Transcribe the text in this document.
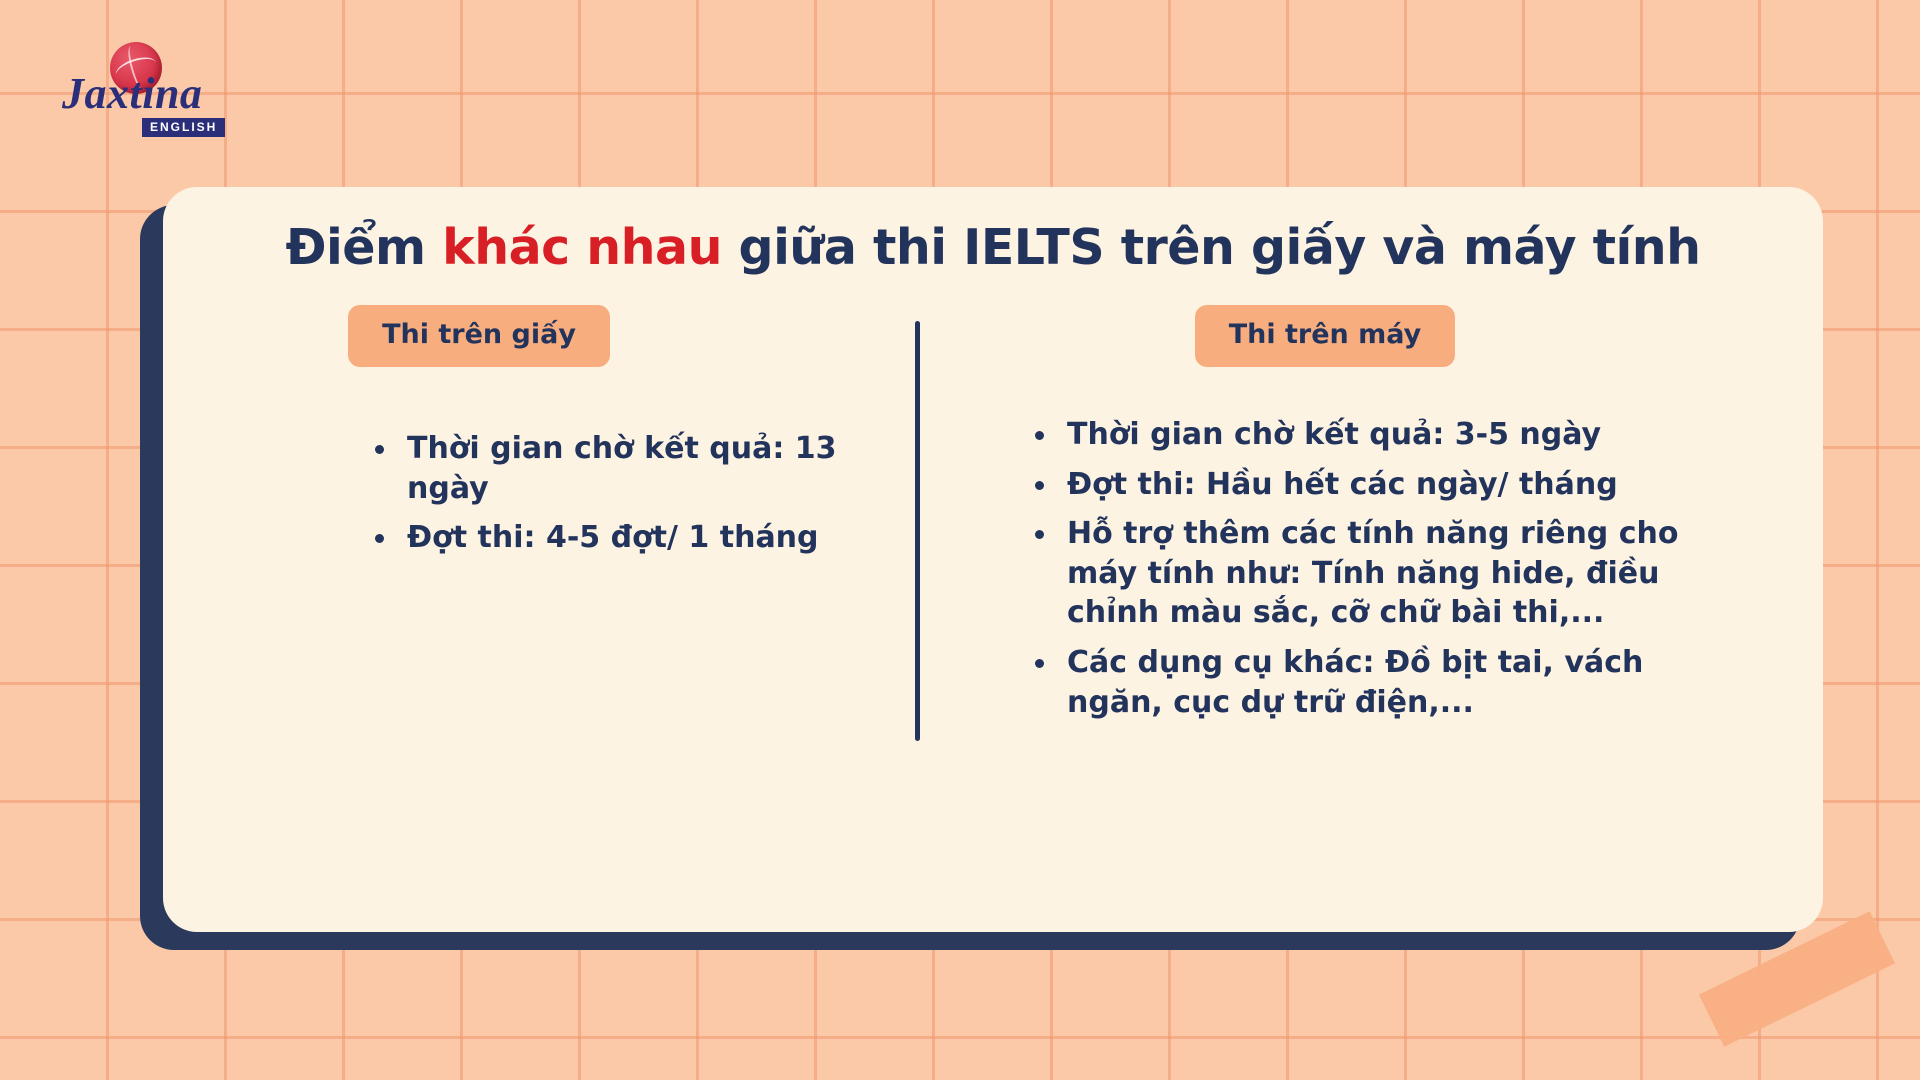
Jaxtina
ENGLISH
Điểm khác nhau giữa thi IELTS trên giấy và máy tính
Thi trên giấy
Thời gian chờ kết quả: 13 ngày
Đợt thi: 4-5 đợt/ 1 tháng
Thi trên máy
Thời gian chờ kết quả: 3-5 ngày
Đợt thi: Hầu hết các ngày/ tháng
Hỗ trợ thêm các tính năng riêng cho máy tính như: Tính năng hide, điều chỉnh màu sắc, cỡ chữ bài thi,...
Các dụng cụ khác: Đồ bịt tai, vách ngăn, cục dự trữ điện,...
